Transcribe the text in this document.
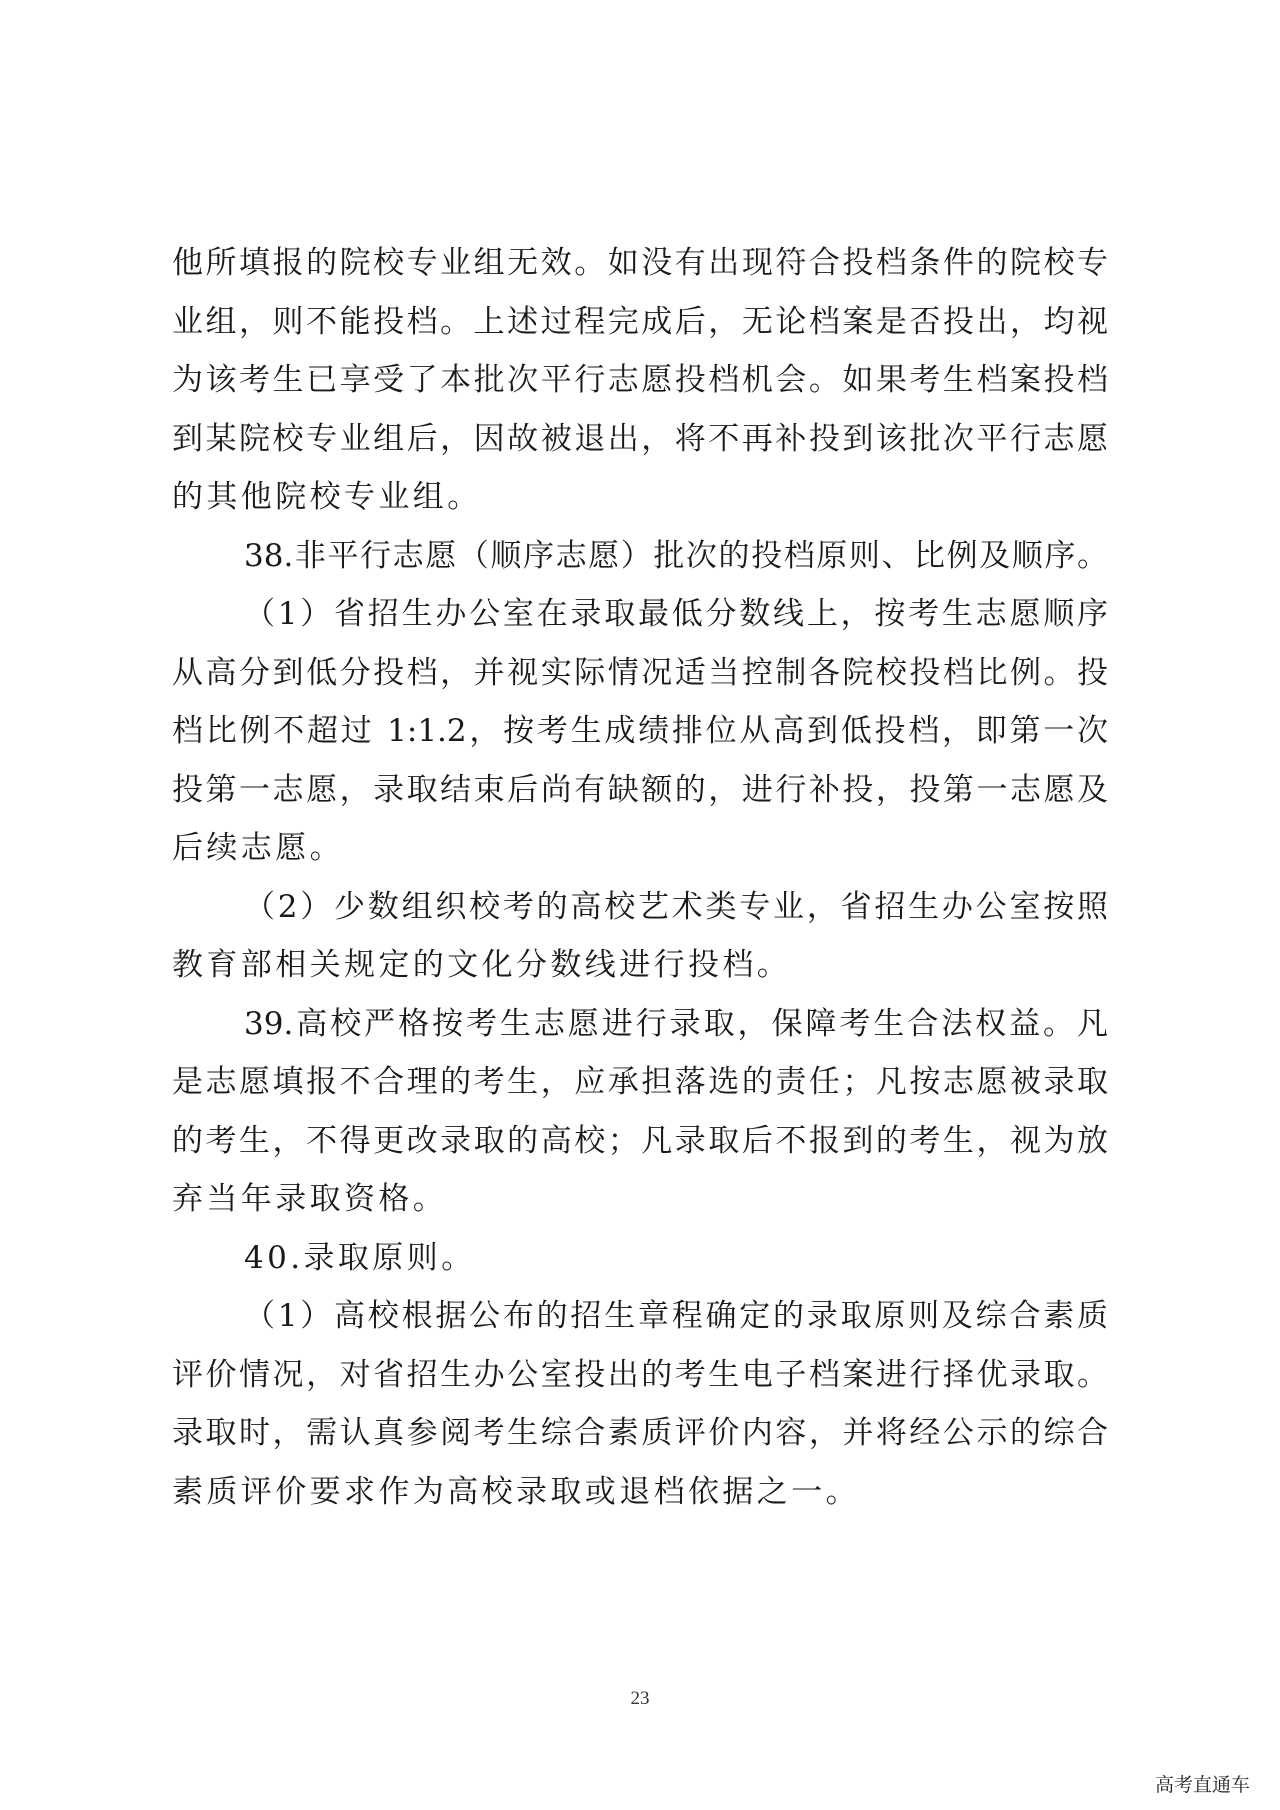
他所填报的院校专业组无效。如没有出现符合投档条件的院校专
业组，则不能投档。上述过程完成后，无论档案是否投出，均视
为该考生已享受了本批次平行志愿投档机会。如果考生档案投档
到某院校专业组后，因故被退出，将不再补投到该批次平行志愿
的其他院校专业组。
38.非平行志愿（顺序志愿）批次的投档原则、比例及顺序。
（1）省招生办公室在录取最低分数线上，按考生志愿顺序
从高分到低分投档，并视实际情况适当控制各院校投档比例。投
档比例不超过 1:1.2，按考生成绩排位从高到低投档，即第一次
投第一志愿，录取结束后尚有缺额的，进行补投，投第一志愿及
后续志愿。
（2）少数组织校考的高校艺术类专业，省招生办公室按照
教育部相关规定的文化分数线进行投档。
39.高校严格按考生志愿进行录取，保障考生合法权益。凡
是志愿填报不合理的考生，应承担落选的责任；凡按志愿被录取
的考生，不得更改录取的高校；凡录取后不报到的考生，视为放
弃当年录取资格。
40.录取原则。
（1）高校根据公布的招生章程确定的录取原则及综合素质
评价情况，对省招生办公室投出的考生电子档案进行择优录取。
录取时，需认真参阅考生综合素质评价内容，并将经公示的综合
素质评价要求作为高校录取或退档依据之一。
23
高考直通车
